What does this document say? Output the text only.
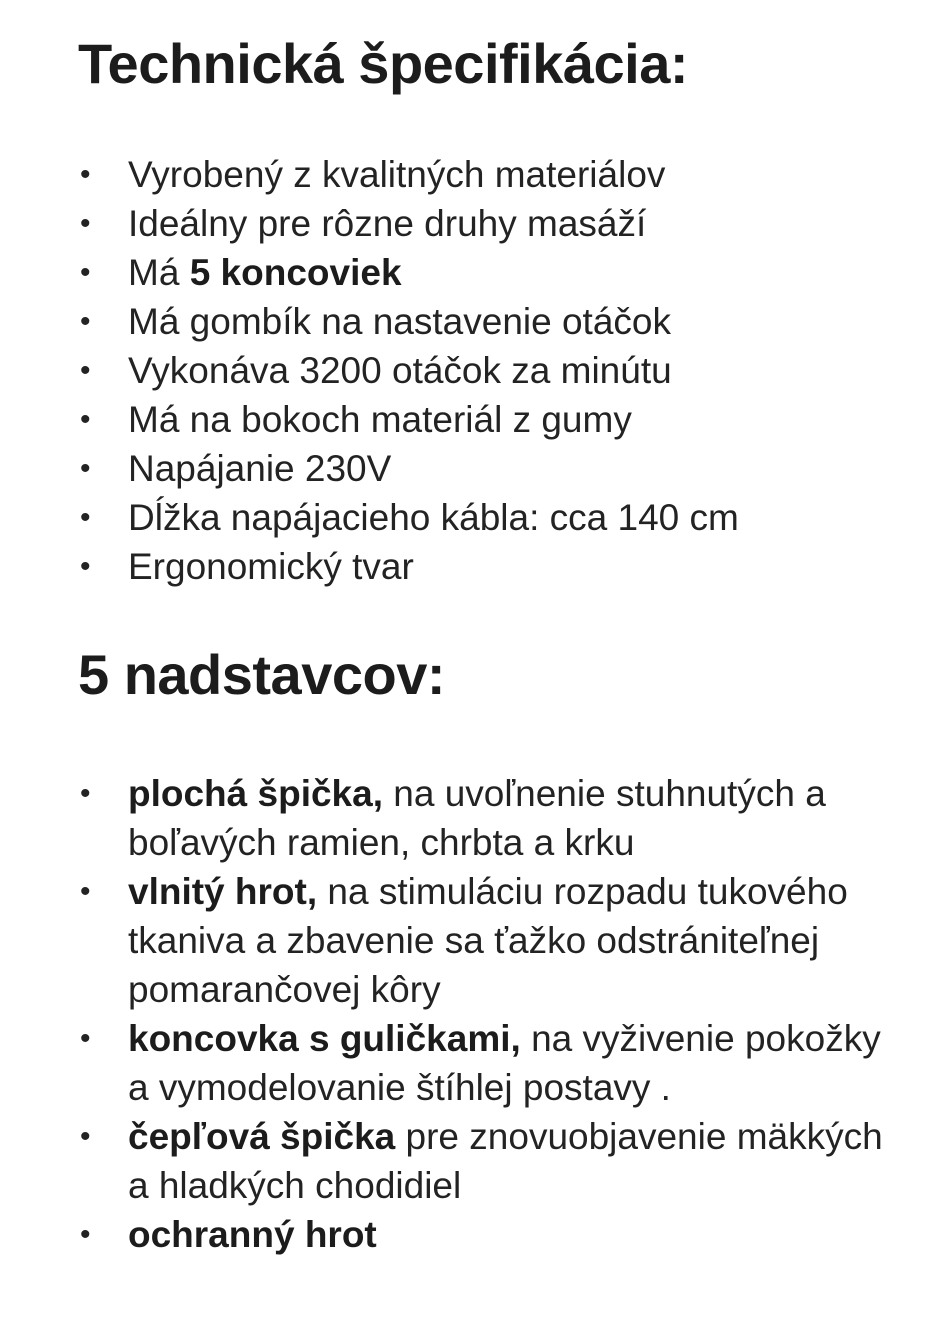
Technická špecifikácia:
• Vyrobený z kvalitných materiálov
• Ideálny pre rôzne druhy masáží
• Má 5 koncoviek
• Má gombík na nastavenie otáčok
• Vykonáva 3200 otáčok za minútu
• Má na bokoch materiál z gumy
• Napájanie 230V
• Dĺžka napájacieho kábla: cca 140 cm
• Ergonomický tvar
5 nadstavcov:
• plochá špička, na uvoľnenie stuhnutých a boľavých ramien, chrbta a krku
• vlnitý hrot, na stimuláciu rozpadu tukového tkaniva a zbavenie sa ťažko odstrániteľnej pomarančovej kôry
• koncovka s guličkami, na vyživenie pokožky a vymodelovanie štíhlej postavy .
• čepľová špička pre znovuobjavenie mäkkých a hladkých chodidiel
• ochranný hrot
